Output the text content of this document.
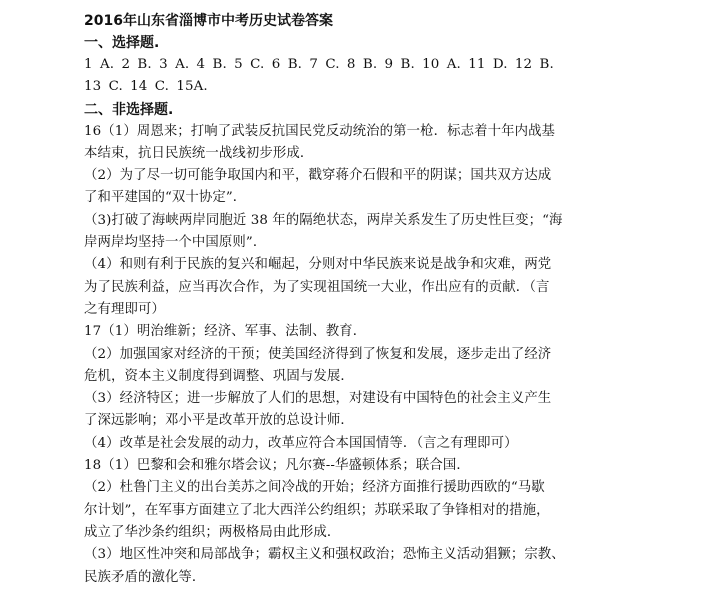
2016年山东省淄博市中考历史试卷答案
一、选择题.
1 A. 2 B. 3 A. 4 B. 5 C. 6 B. 7 C. 8 B. 9 B. 10 A. 11 D. 12 B.
13 C. 14 C. 15A.
二、非选择题.
16（1）周恩来；打响了武装反抗国民党反动统治的第一枪．标志着十年内战基
本结束，抗日民族统一战线初步形成．
（2）为了尽一切可能争取国内和平，戳穿蒋介石假和平的阴谋；国共双方达成
了和平建国的“双十协定”．
（3)打破了海峡两岸同胞近 38 年的隔绝状态，两岸关系发生了历史性巨变；“海
岸两岸均坚持一个中国原则”．
（4）和则有利于民族的复兴和崛起，分则对中华民族来说是战争和灾难，两党
为了民族利益，应当再次合作，为了实现祖国统一大业，作出应有的贡献．（言
之有理即可）
17（1）明治维新；经济、军事、法制、教育．
（2）加强国家对经济的干预；使美国经济得到了恢复和发展，逐步走出了经济
危机，资本主义制度得到调整、巩固与发展．
（3）经济特区；进一步解放了人们的思想，对建设有中国特色的社会主义产生
了深远影响；邓小平是改革开放的总设计师．
（4）改革是社会发展的动力，改革应符合本国国情等．（言之有理即可）
18（1）巴黎和会和雅尔塔会议；凡尔赛--华盛顿体系；联合国．
（2）杜鲁门主义的出台美苏之间冷战的开始；经济方面推行援助西欧的“马歇
尔计划”，在军事方面建立了北大西洋公约组织；苏联采取了争锋相对的措施，
成立了华沙条约组织；两极格局由此形成．
（3）地区性冲突和局部战争；霸权主义和强权政治；恐怖主义活动猖獗；宗教、
民族矛盾的激化等．
